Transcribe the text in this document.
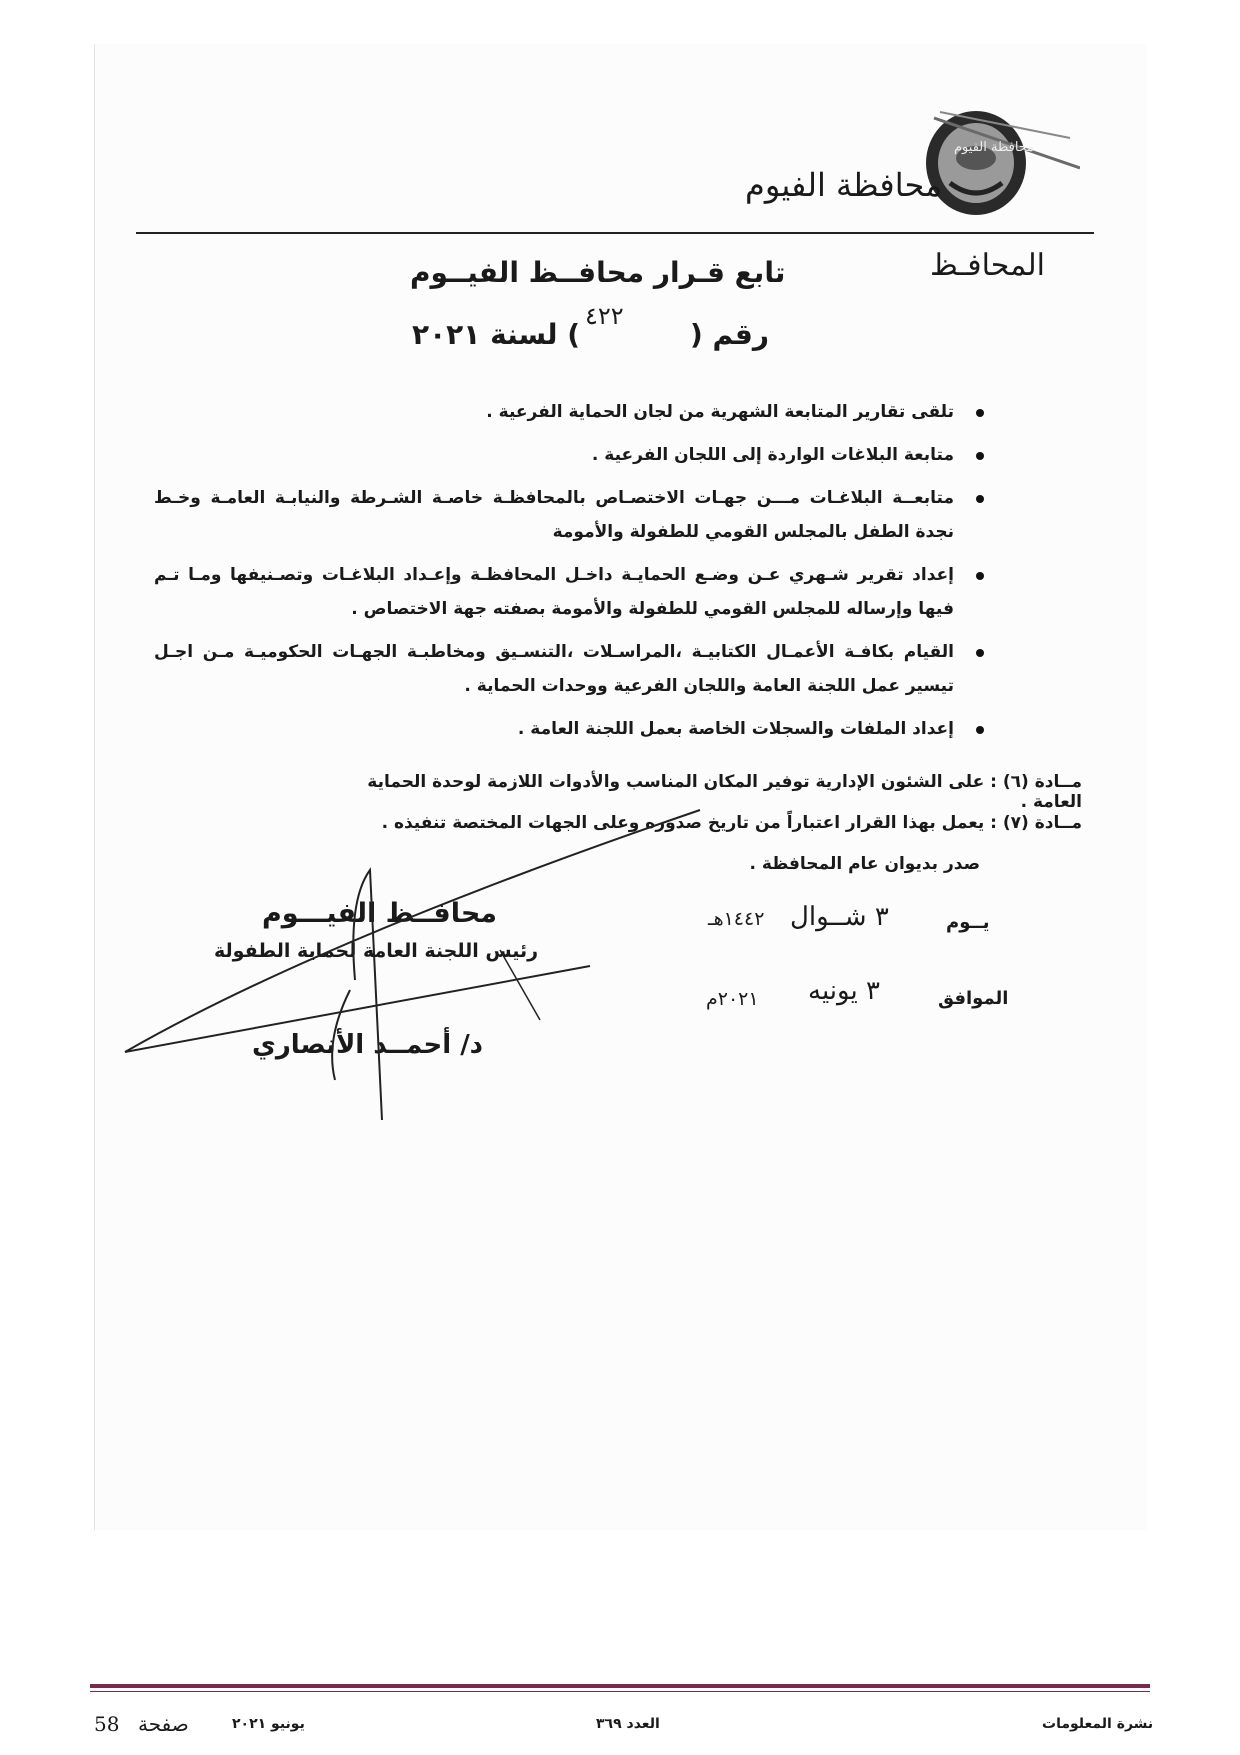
محافظة الفيوم
محافظة الفيوم
المحافـظ
تابع قـرار محافــظ الفيــوم
رقم (
٤٢٢
) لسنة ٢٠٢١
تلقى تقارير المتابعة الشهرية من لجان الحماية الفرعية .
متابعة البلاغات الواردة إلى اللجان الفرعية .
متابعــة البلاغـات مـــن جهـات الاختصـاص بالمحافظـة خاصـة الشـرطة والنيابـة العامـة وخـط نجدة الطفل بالمجلس القومي للطفولة والأمومة
إعداد تقرير شـهري عـن وضـع الحمايـة داخـل المحافظـة وإعـداد البلاغـات وتصـنيفها ومـا تـم فيها وإرساله للمجلس القومي للطفولة والأمومة بصفته جهة الاختصاص .
القيام بكافـة الأعمـال الكتابيـة ،المراسـلات ،التنسـيق ومخاطبـة الجهـات الحكوميـة مـن اجـل تيسير عمل اللجنة العامة واللجان الفرعية ووحدات الحماية .
إعداد الملفات والسجلات الخاصة بعمل اللجنة العامة .
مــادة (٦) : على الشئون الإدارية توفير المكان المناسب والأدوات اللازمة لوحدة الحماية العامة .
مــادة (٧) : يعمل بهذا القرار اعتباراً من تاريخ صدوره وعلى الجهات المختصة تنفيذه .
صدر بديوان عام المحافظة .
يــوم
٣ شــوال
١٤٤٢هـ
الموافق
٣ يونيه
٢٠٢١م
محافــظ الفيـــوم
رئيس اللجنة العامة لحماية الطفولة
د/ أحمــد الأنصاري
نشرة المعلومات
العدد ٣٦٩
يونيو ٢٠٢١
صفحة
58
